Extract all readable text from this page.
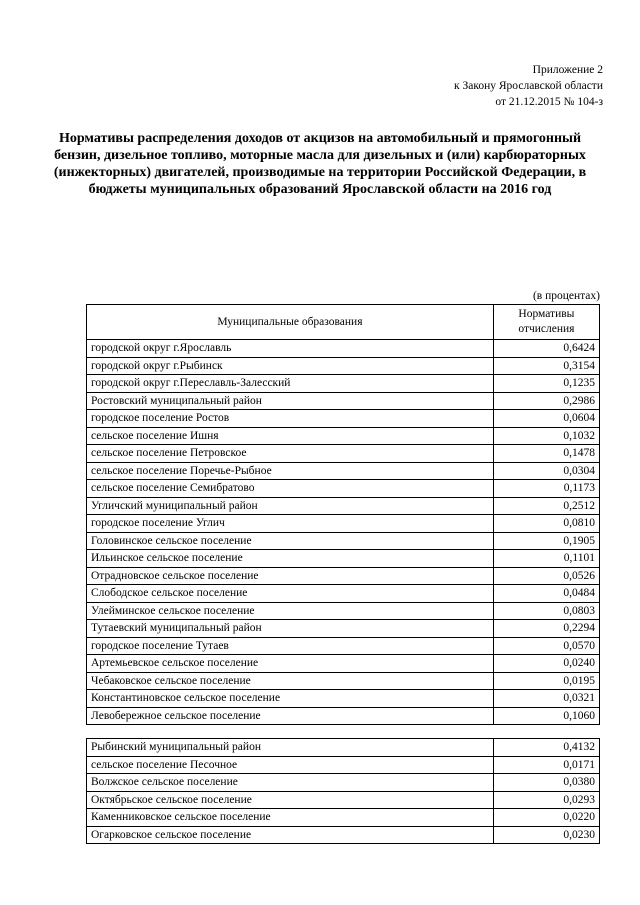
Приложение 2
к Закону Ярославской области
от 21.12.2015 № 104-з
Нормативы распределения доходов от акцизов на автомобильный и прямогонный бензин, дизельное топливо, моторные масла для дизельных и (или) карбюраторных (инжекторных) двигателей, производимые на территории Российской Федерации, в бюджеты муниципальных образований Ярославской области на 2016 год
(в процентах)
Муниципальные образования	Нормативы
отчисления

городской округ г.Ярославль	0,6424
городской округ г.Рыбинск	0,3154
городской округ г.Переславль-Залесский	0,1235
Ростовский муниципальный район	0,2986
городское поселение Ростов	0,0604
сельское поселение Ишня	0,1032
сельское поселение Петровское	0,1478
сельское поселение Поречье-Рыбное	0,0304
сельское поселение Семибратово	0,1173
Угличский муниципальный район	0,2512
городское поселение Углич	0,0810
Головинское сельское поселение	0,1905
Ильинское сельское поселение	0,1101
Отрадновское сельское поселение	0,0526
Слободское сельское поселение	0,0484
Улейминское сельское поселение	0,0803
Тутаевский муниципальный район	0,2294
городское поселение Тутаев	0,0570
Артемьевское сельское поселение	0,0240
Чебаковское сельское поселение	0,0195
Константиновское сельское поселение	0,0321
Левобережное сельское поселение	0,1060

Рыбинский муниципальный район	0,4132
сельское поселение Песочное	0,0171
Волжское сельское поселение	0,0380
Октябрьское сельское поселение	0,0293
Каменниковское сельское поселение	0,0220
Огарковское сельское поселение	0,0230
